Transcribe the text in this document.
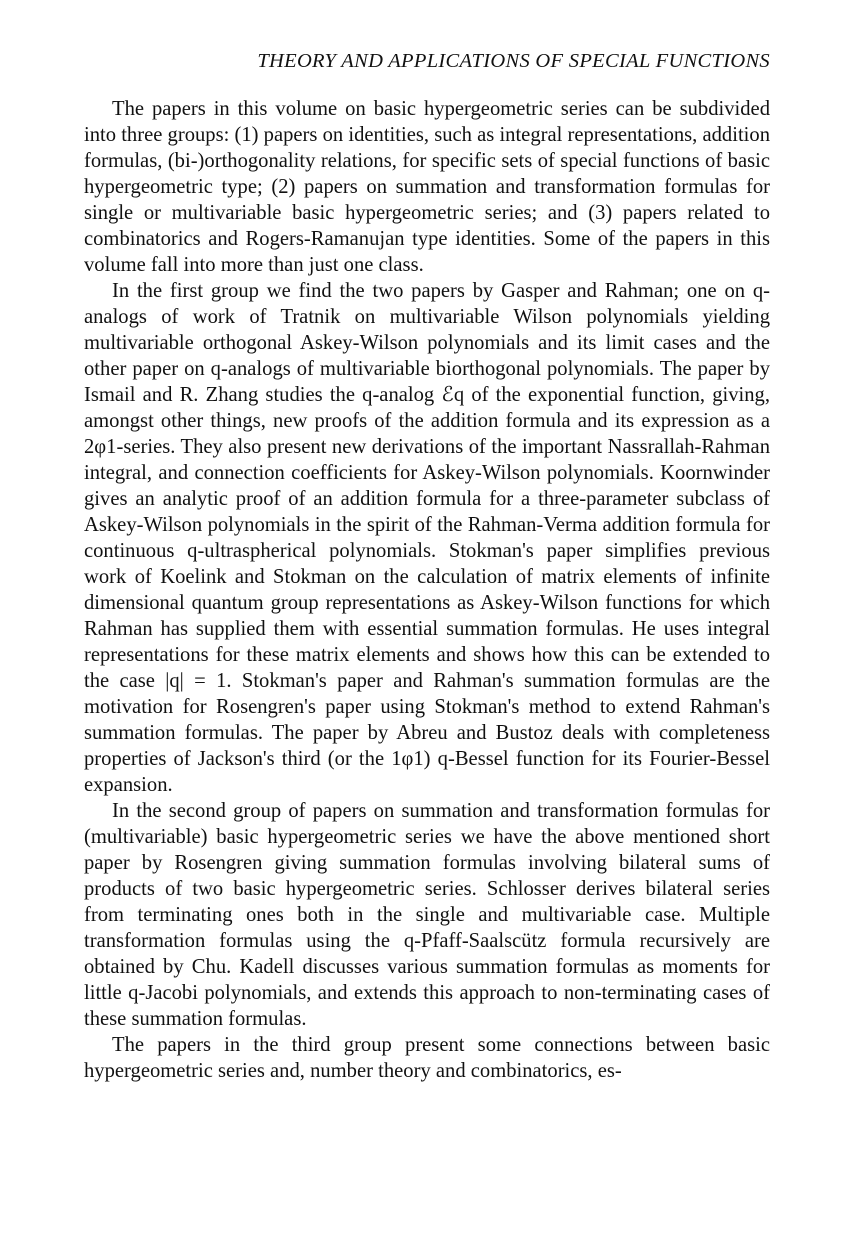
THEORY AND APPLICATIONS OF SPECIAL FUNCTIONS

The papers in this volume on basic hypergeometric series can be subdivided into three groups: (1) papers on identities, such as integral representations, addition formulas, (bi-)orthogonality relations, for specific sets of special functions of basic hypergeometric type; (2) papers on summation and transformation formulas for single or multivariable basic hypergeometric series; and (3) papers related to combinatorics and Rogers-Ramanujan type identities. Some of the papers in this volume fall into more than just one class.

In the first group we find the two papers by Gasper and Rahman; one on q-analogs of work of Tratnik on multivariable Wilson polynomials yielding multivariable orthogonal Askey-Wilson polynomials and its limit cases and the other paper on q-analogs of multivariable biorthogonal polynomials. The paper by Ismail and R. Zhang studies the q-analog ℰq of the exponential function, giving, amongst other things, new proofs of the addition formula and its expression as a 2φ1-series. They also present new derivations of the important Nassrallah-Rahman integral, and connection coefficients for Askey-Wilson polynomials. Koornwinder gives an analytic proof of an addition formula for a three-parameter subclass of Askey-Wilson polynomials in the spirit of the Rahman-Verma addition formula for continuous q-ultraspherical polynomials. Stokman's paper simplifies previous work of Koelink and Stokman on the calculation of matrix elements of infinite dimensional quantum group representations as Askey-Wilson functions for which Rahman has supplied them with essential summation formulas. He uses integral representations for these matrix elements and shows how this can be extended to the case |q| = 1. Stokman's paper and Rahman's summation formulas are the motivation for Rosengren's paper using Stokman's method to extend Rahman's summation formulas. The paper by Abreu and Bustoz deals with completeness properties of Jackson's third (or the 1φ1) q-Bessel function for its Fourier-Bessel expansion.

In the second group of papers on summation and transformation formulas for (multivariable) basic hypergeometric series we have the above mentioned short paper by Rosengren giving summation formulas involving bilateral sums of products of two basic hypergeometric series. Schlosser derives bilateral series from terminating ones both in the single and multivariable case. Multiple transformation formulas using the q-Pfaff-Saalscütz formula recursively are obtained by Chu. Kadell discusses various summation formulas as moments for little q-Jacobi polynomials, and extends this approach to non-terminating cases of these summation formulas.

The papers in the third group present some connections between basic hypergeometric series and, number theory and combinatorics, es-
